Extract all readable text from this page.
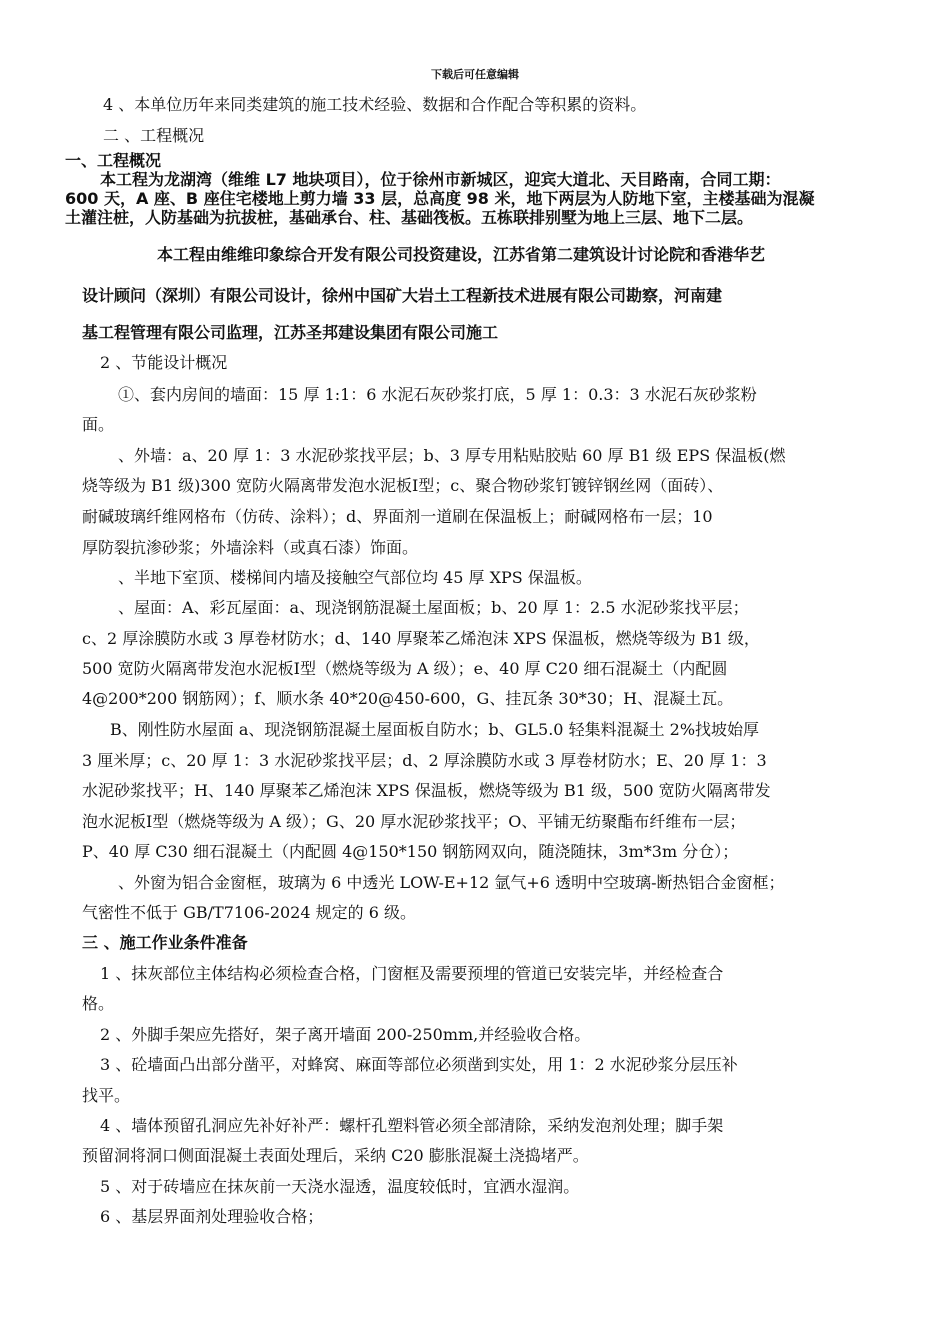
下载后可任意编辑
4 、本单位历年来同类建筑的施工技术经验、数据和合作配合等积累的资料。
二 、工程概况
一、工程概况
本工程为龙湖湾（维维 L7 地块项目），位于徐州市新城区，迎宾大道北、天目路南，合同工期：
600 天，A 座、B 座住宅楼地上剪力墙 33 层，总高度 98 米，地下两层为人防地下室，主楼基础为混凝
土灌注桩，人防基础为抗拔桩，基础承台、柱、基础筏板。五栋联排别墅为地上三层、地下二层。
本工程由维维印象综合开发有限公司投资建设，江苏省第二建筑设计讨论院和香港华艺
设计顾问（深圳）有限公司设计，徐州中国矿大岩土工程新技术进展有限公司勘察，河南建
基工程管理有限公司监理，江苏圣邦建设集团有限公司施工
2 、节能设计概况
①、套内房间的墙面：15 厚 1:1：6 水泥石灰砂浆打底，5 厚 1：0.3：3 水泥石灰砂浆粉
面。
、外墙：a、20 厚 1：3 水泥砂浆找平层；b、3 厚专用粘贴胶贴 60 厚 B1 级 EPS 保温板(燃
烧等级为 B1 级)300 宽防火隔离带发泡水泥板Ⅰ型；c、聚合物砂浆钉镀锌钢丝网（面砖）、
耐碱玻璃纤维网格布（仿砖、涂料）；d、界面剂一道刷在保温板上；耐碱网格布一层；10
厚防裂抗渗砂浆；外墙涂料（或真石漆）饰面。
、半地下室顶、楼梯间内墙及接触空气部位均 45 厚 XPS 保温板。
、屋面：A、彩瓦屋面：a、现浇钢筋混凝土屋面板；b、20 厚 1：2.5 水泥砂浆找平层；
c、2 厚涂膜防水或 3 厚卷材防水；d、140 厚聚苯乙烯泡沫 XPS 保温板，燃烧等级为 B1 级，
500 宽防火隔离带发泡水泥板Ⅰ型（燃烧等级为 A 级）；e、40 厚 C20 细石混凝土（内配圆
4@200*200 钢筋网）；f、顺水条 40*20@450-600，G、挂瓦条 30*30；H、混凝土瓦。
B、刚性防水屋面 a、现浇钢筋混凝土屋面板自防水；b、GL5.0 轻集料混凝土 2%找坡始厚
3 厘米厚；c、20 厚 1：3 水泥砂浆找平层；d、2 厚涂膜防水或 3 厚卷材防水；E、20 厚 1：3
水泥砂浆找平；H、140 厚聚苯乙烯泡沫 XPS 保温板，燃烧等级为 B1 级，500 宽防火隔离带发
泡水泥板Ⅰ型（燃烧等级为 A 级）；G、20 厚水泥砂浆找平；O、平铺无纺聚酯布纤维布一层；
P、40 厚 C30 细石混凝土（内配圆 4@150*150 钢筋网双向，随浇随抹，3m*3m 分仓）；
、外窗为铝合金窗框，玻璃为 6 中透光 LOW-E+12 氩气+6 透明中空玻璃-断热铝合金窗框；
气密性不低于 GB/T7106-2024 规定的 6 级。
三 、施工作业条件准备
1 、抹灰部位主体结构必须检查合格，门窗框及需要预埋的管道已安装完毕，并经检查合
格。
2 、外脚手架应先搭好，架子离开墙面 200-250mm,并经验收合格。
3 、砼墙面凸出部分凿平，对蜂窝、麻面等部位必须凿到实处，用 1：2 水泥砂浆分层压补
找平。
4 、墙体预留孔洞应先补好补严：螺杆孔塑料管必须全部清除，采纳发泡剂处理；脚手架
预留洞将洞口侧面混凝土表面处理后，采纳 C20 膨胀混凝土浇捣堵严。
5 、对于砖墙应在抹灰前一天浇水湿透，温度较低时，宜洒水湿润。
6 、基层界面剂处理验收合格；
